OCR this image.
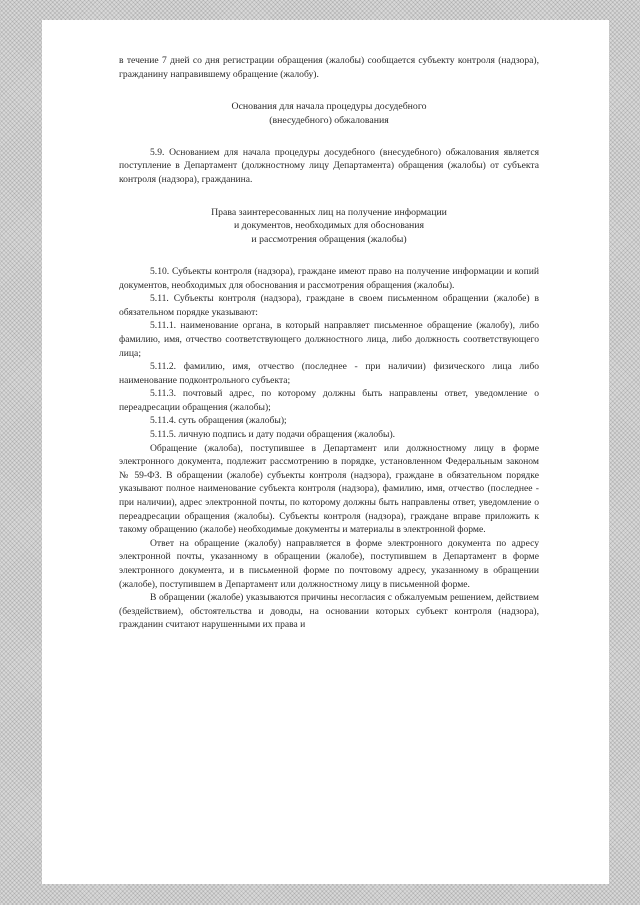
в течение 7 дней со дня регистрации обращения (жалобы) сообщается субъекту контроля (надзора), гражданину направившему обращение (жалобу).

Основания для начала процедуры досудебного

(внесудебного) обжалования

5.9. Основанием для начала процедуры досудебного (внесудебного) обжалования является поступление в Департамент (должностному лицу Департамента) обращения (жалобы) от субъекта контроля (надзора), гражданина.

Права заинтересованных лиц на получение информации

и документов, необходимых для обоснования

и рассмотрения обращения (жалобы)

5.10. Субъекты контроля (надзора), граждане имеют право на получение информации и копий документов, необходимых для обоснования и рассмотрения обращения (жалобы).

5.11. Субъекты контроля (надзора), граждане в своем письменном обращении (жалобе) в обязательном порядке указывают:

5.11.1. наименование органа, в который направляет письменное обращение (жалобу), либо фамилию, имя, отчество соответствующего должностного лица, либо должность соответствующего лица;

5.11.2. фамилию, имя, отчество (последнее - при наличии) физического лица либо наименование подконтрольного субъекта;

5.11.3. почтовый адрес, по которому должны быть направлены ответ, уведомление о переадресации обращения (жалобы);

5.11.4. суть обращения (жалобы);

5.11.5. личную подпись и дату подачи обращения (жалобы).

Обращение (жалоба), поступившее в Департамент или должностному лицу в форме электронного документа, подлежит рассмотрению в порядке, установленном Федеральным законом № 59-ФЗ. В обращении (жалобе) субъекты контроля (надзора), граждане в обязательном порядке указывают полное наименование субъекта контроля (надзора), фамилию, имя, отчество (последнее - при наличии), адрес электронной почты, по которому должны быть направлены ответ, уведомление о переадресации обращения (жалобы). Субъекты контроля (надзора), граждане вправе приложить к такому обращению (жалобе) необходимые документы и материалы в электронной форме.

Ответ на обращение (жалобу) направляется в форме электронного документа по адресу электронной почты, указанному в обращении (жалобе), поступившем в Департамент в форме электронного документа, и в письменной форме по почтовому адресу, указанному в обращении (жалобе), поступившем в Департамент или должностному лицу в письменной форме.

В обращении (жалобе) указываются причины несогласия с обжалуемым решением, действием (бездействием), обстоятельства и доводы, на основании которых субъект контроля (надзора), гражданин считают нарушенными их права и
